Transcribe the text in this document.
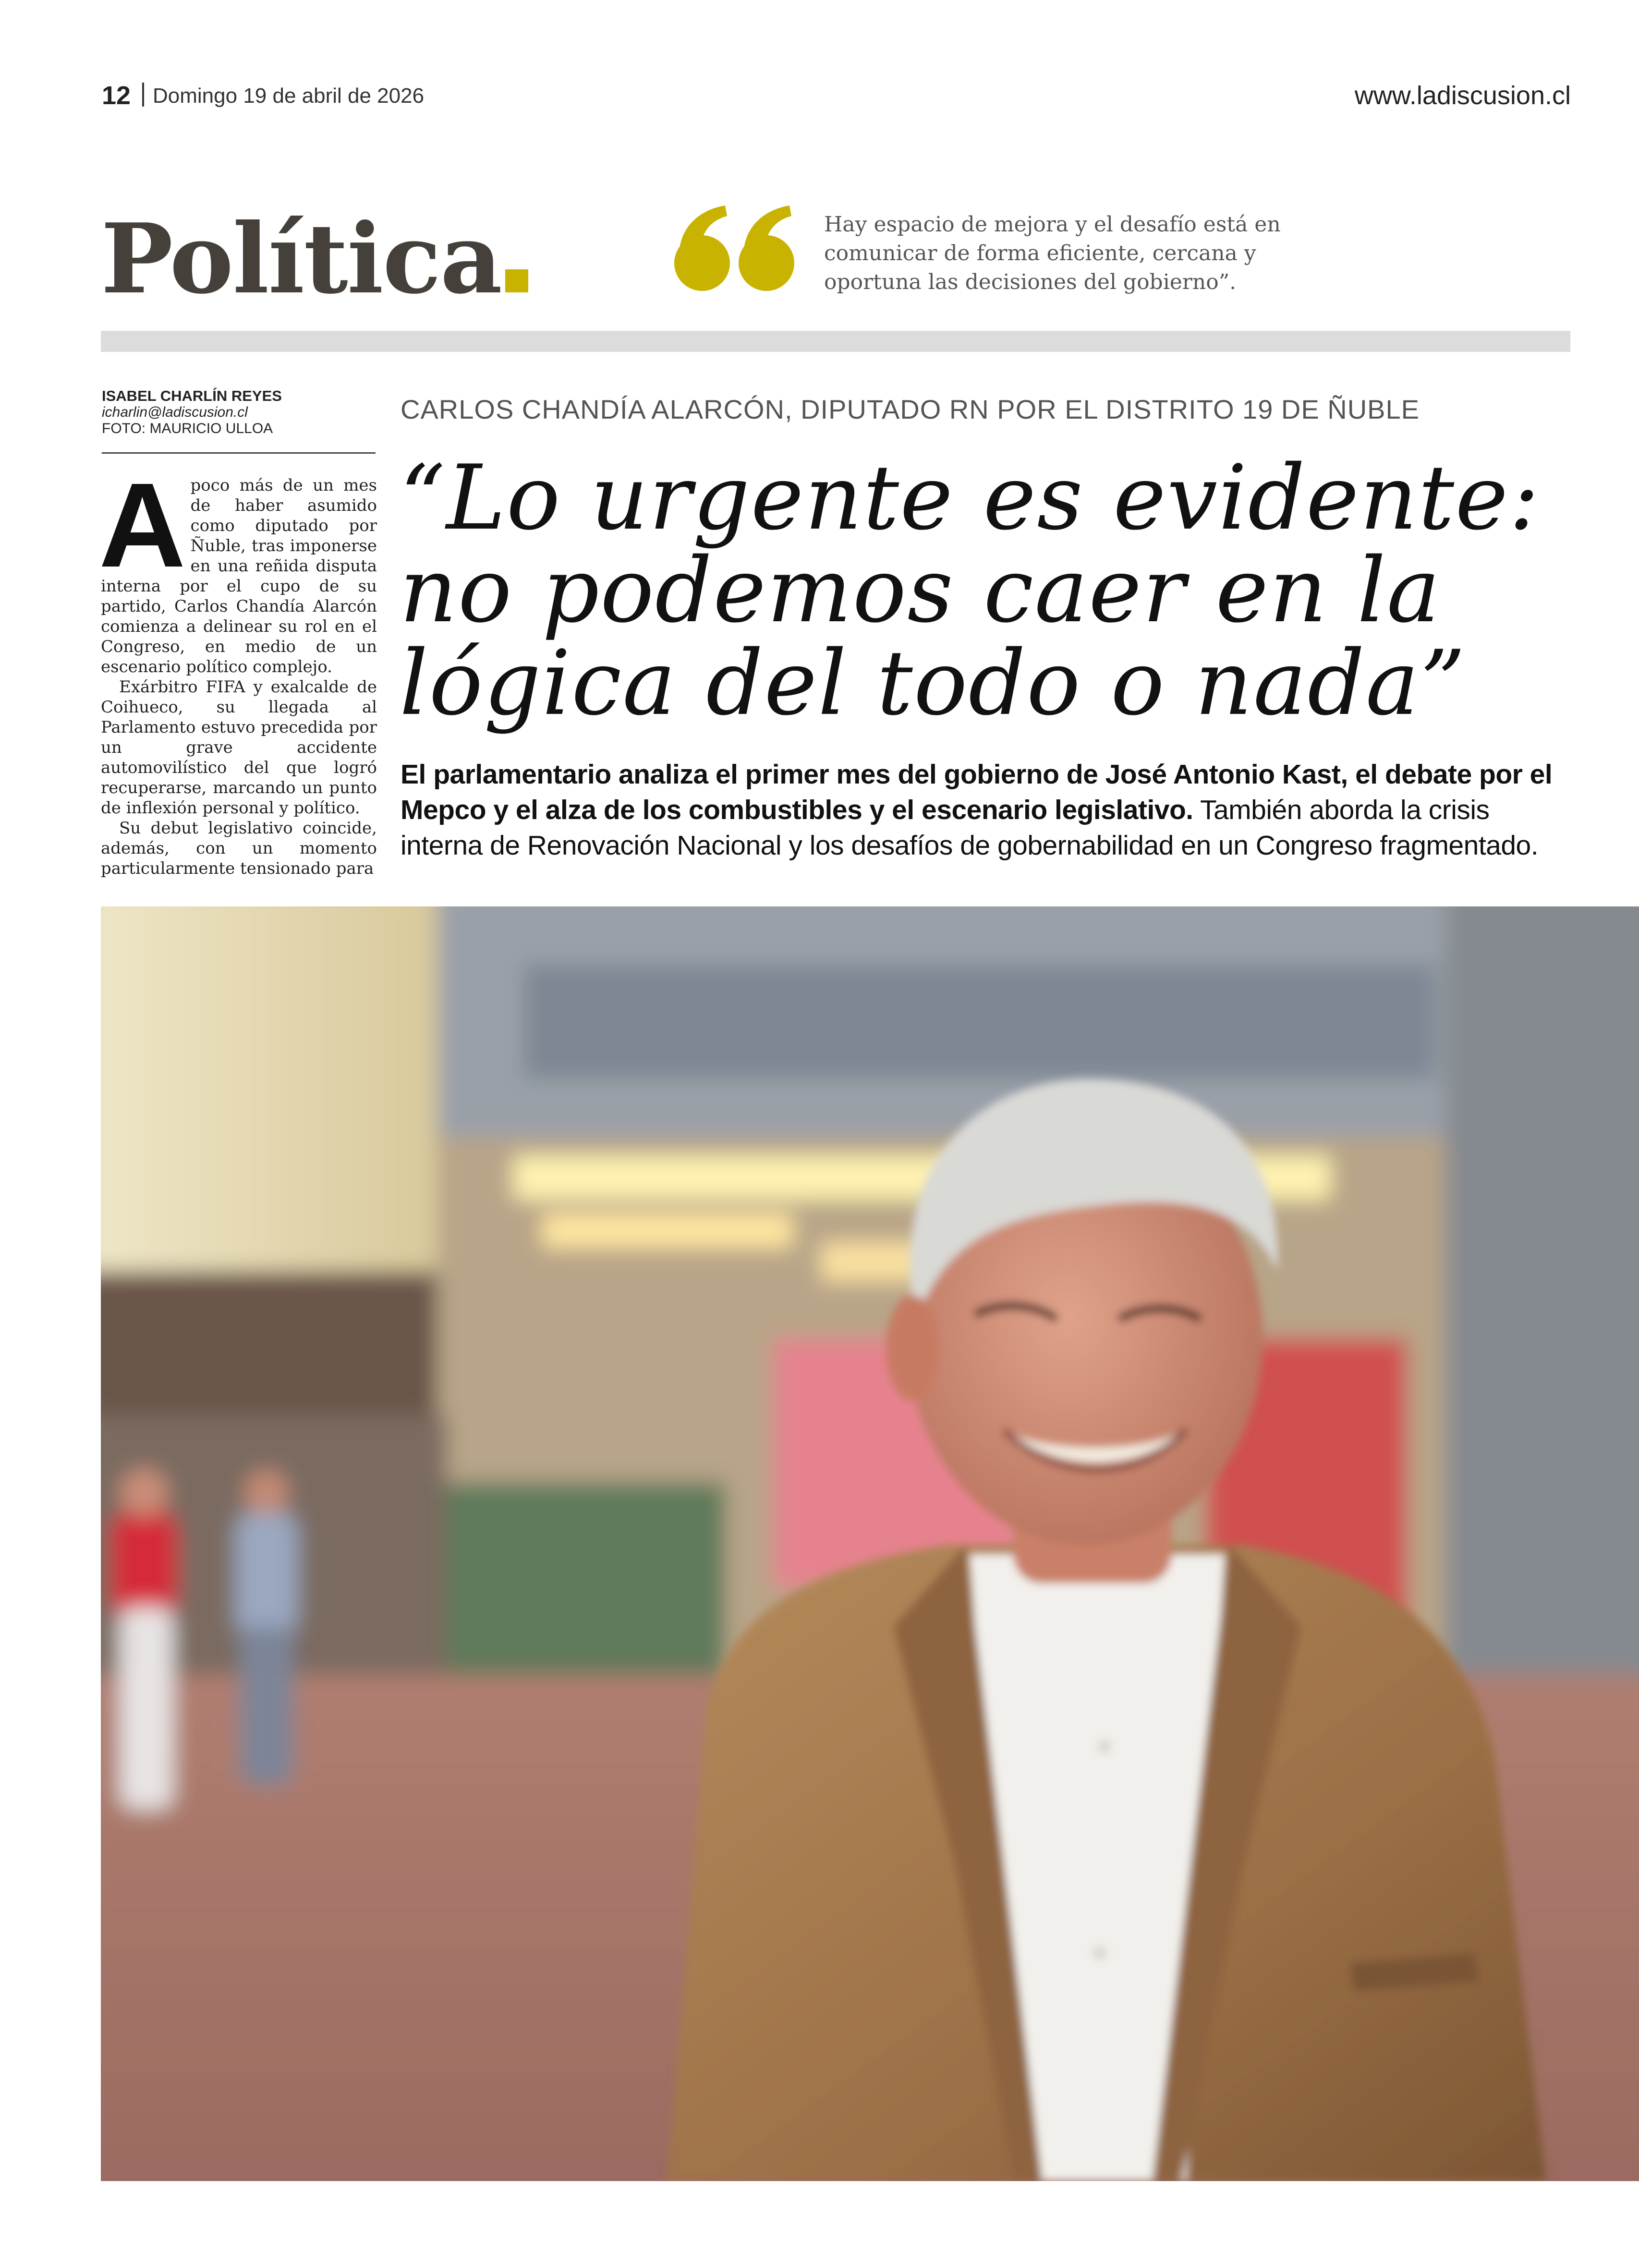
12 Domingo 19 de abril de 2026	www.ladiscusion.cl
Política	Hay espacio de mejora y el desafío está en comunicar de forma eficiente, cercana y oportuna las decisiones del gobierno”.
ISABEL CHARLÍN REYES
icharlin@ladiscusion.cl
FOTO: MAURICIO ULLOA
A poco más de un mes de haber asumido como diputado por Ñuble, tras imponerse en una reñida disputa interna por el cupo de su partido, Carlos Chandía Alarcón comienza a delinear su rol en el Congreso, en medio de un escenario político complejo.

Exárbitro FIFA y exalcalde de Coihueco, su llegada al Parlamento estuvo precedida por un grave accidente automovilístico del que logró recuperarse, marcando un punto de inflexión personal y político.

Su debut legislativo coincide, además, con un momento particularmente tensionado para

CARLOS CHANDÍA ALARCÓN, DIPUTADO RN POR EL DISTRITO 19 DE ÑUBLE
“Lo urgente es evidente: no podemos caer en la lógica del todo o nada”
El parlamentario analiza el primer mes del gobierno de José Antonio Kast, el debate por el Mepco y el alza de los combustibles y el escenario legislativo. También aborda la crisis interna de Renovación Nacional y los desafíos de gobernabilidad en un Congreso fragmentado.
